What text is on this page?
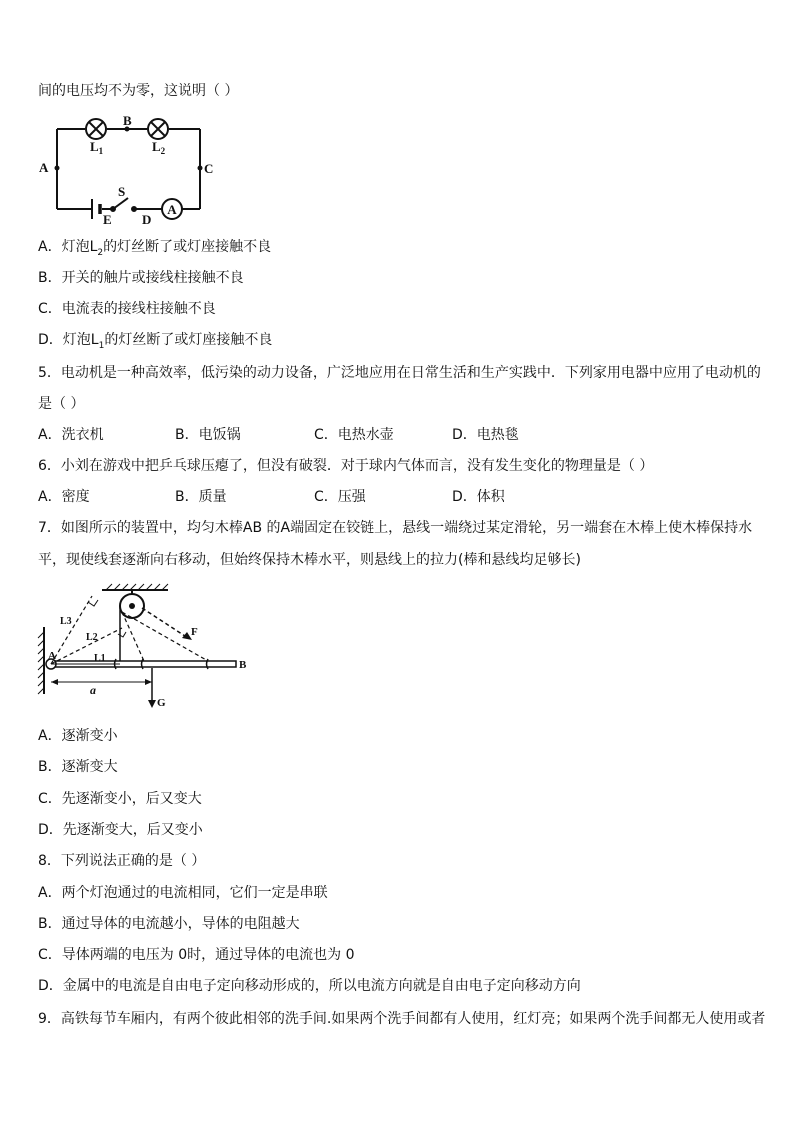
间的电压均不为零，这说明（ ）
A
B
A	C
S
E D
$L_1$	$L_2$
A．灯泡$L_2$的灯丝断了或灯座接触不良
B．开关的触片或接线柱接触不良
C．电流表的接线柱接触不良
D．灯泡$L_1$的灯丝断了或灯座接触不良
5．电动机是一种高效率，低污染的动力设备，广泛地应用在日常生活和生产实践中．下列家用电器中应用了电动机的
是（ ）
A．洗衣机	B．电饭锅	C．电热水壶	D．电热毯
6．小刘在游戏中把乒乓球压瘪了，但没有破裂．对于球内气体而言，没有发生变化的物理量是（ ）
A．密度	B．质量	C．压强	D．体积
7．如图所示的装置中，均匀木棒AB 的A端固定在铰链上，悬线一端绕过某定滑轮，另一端套在木棒上使木棒保持水
平，现使线套逐渐向右移动，但始终保持木棒水平，则悬线上的拉力(棒和悬线均足够长)
A
B
F
G
a
L1
L2
L3
A．逐渐变小
B．逐渐变大
C．先逐渐变小，后又变大
D．先逐渐变大，后又变小
8．下列说法正确的是（ ）
A．两个灯泡通过的电流相同，它们一定是串联
B．通过导体的电流越小，导体的电阻越大
C．导体两端的电压为 0时，通过导体的电流也为 0
D．金属中的电流是自由电子定向移动形成的，所以电流方向就是自由电子定向移动方向
9．高铁每节车厢内，有两个彼此相邻的洗手间.如果两个洗手间都有人使用，红灯亮；如果两个洗手间都无人使用或者
